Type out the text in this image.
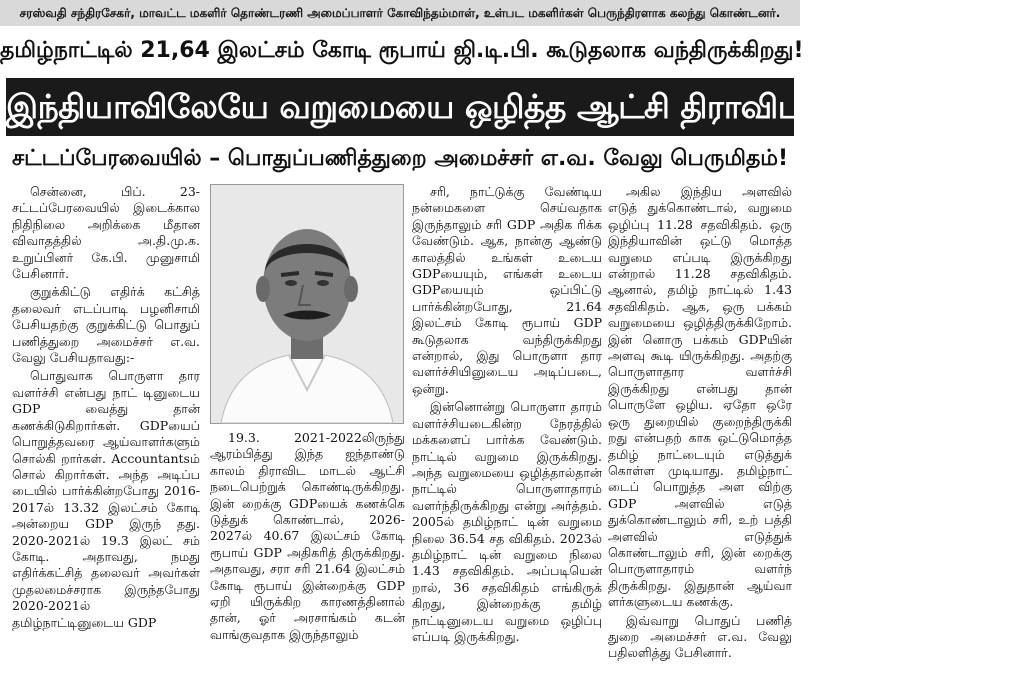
சரஸ்வதி சந்திரசேகர், மாவட்ட மகளிர் தொண்டரணி அமைப்பாளர் கோவிந்தம்மாள், உள்பட மகளிர்கள் பெருந்திரளாக கலந்து கொண்டனர்.
தமிழ்நாட்டில் 21,64 இலட்சம் கோடி ரூபாய் ஜி.டி.பி. கூடுதலாக வந்திருக்கிறது!
இந்தியாவிலேயே வறுமையை ஒழித்த ஆட்சி திராவிடமாடல் ஆட்சி!
சட்டப்பேரவையில் – பொதுப்பணித்துறை அமைச்சர் எ.வ. வேலு பெருமிதம்!

சென்னை, பிப். 23- சட்டப்பேரவையில் இடைக்கால நிதிநிலை அறிக்கை மீதான விவாதத்தில் அ.தி.மு.க. உறுப்பினர் கே.பி. முனுசாமி பேசினார்.

குறுக்கிட்டு எதிர்க் கட்சித் தலைவர் எடப்பாடி பழனிசாமி பேசியதற்கு குறுக்கிட்டு பொதுப் பணித்துறை அமைச்சர் எ.வ. வேலு பேசியதாவது:-

பொதுவாக பொருளா தார வளர்ச்சி என்பது நாட் டினுடைய GDP வைத்து தான் கணக்கிடுகிறார்கள். GDPயைப் பொறுத்தவரை ஆய்வாளர்களும் சொல்கி றார்கள். Accountantsம் சொல் கிறார்கள். அந்த அடிப்ப டையில் பார்க்கின்றபோது 2016-2017ல் 13.32 இலட்சம் கோடி அன்றைய GDP இருந் தது. 2020-2021ல் 19.3 இலட் சம் கோடி. அதாவது, நமது எதிர்க்கட்சித் தலைவர் அவர்கள் முதலமைச்சராக இருந்தபோது 2020-2021ல் தமிழ்நாட்டினுடைய GDP

19.3. 2021-2022லிருந்து ஆரம்பித்து இந்த ஐந்தாண்டு காலம் திராவிட மாடல் ஆட்சி நடைபெற்றுக் கொண்டிருக்கிறது. இன் றைக்கு GDPயைக் கணக்கெ டுத்துக் கொண்டால், 2026-2027ல் 40.67 இலட்சம் கோடி ரூபாய் GDP அதிகரித் திருக்கிறது. அதாவது, சரா சரி 21.64 இலட்சம் கோடி ரூபாய் இன்றைக்கு GDP ஏறி யிருக்கிற காரணத்தினால் தான், ஓர் அரசாங்கம் கடன் வாங்குவதாக இருந்தாலும்

சரி, நாட்டுக்கு வேண்டிய நன்மைகளை செய்வதாக இருந்தாலும் சரி GDP அதிக ரிக்க வேண்டும். ஆக, நான்கு ஆண்டு காலத்தில் உங்கள் உடைய GDPயையும், எங்கள் உடைய GDPயையும் ஒப்பிட்டு பார்க்கின்றபோது, 21.64 இலட்சம் கோடி ரூபாய் GDP கூடுதலாக வந்திருக்கிறது என்றால், இது பொருளா தார வளர்ச்சியினுடைய அடிப்படை, ஒன்று.

இன்னொன்று பொருளா தாரம் வளர்ச்சியடைகின்ற நேரத்தில் மக்களைப் பார்க்க வேண்டும். நாட்டில் வறுமை இருக்கிறது. அந்த வறுமையை ஒழித்தால்தான் நாட்டில் பொருளாதாரம் வளர்ந்திருக்கிறது என்று அர்த்தம். 2005ல் தமிழ்நாட் டின் வறுமை நிலை 36.54 சத விகிதம். 2023ல் தமிழ்நாட் டின் வறுமை நிலை 1.43 சதவிகிதம். அப்படியென் றால், 36 சதவிகிதம் எங்கிருக் கிறது, இன்றைக்கு தமிழ் நாட்டினுடைய வறுமை ஒழிப்பு எப்படி இருக்கிறது.

அகில இந்திய அளவில் எடுத் துக்கொண்டால், வறுமை ஒழிப்பு 11.28 சதவிகிதம். ஒரு இந்தியாவின் ஒட்டு மொத்த வறுமை எப்படி இருக்கிறது என்றால் 11.28 சதவிகிதம். ஆனால், தமிழ் நாட்டில் 1.43 சதவிகிதம். ஆக, ஒரு பக்கம் வறுமையை ஒழித்திருக்கிறோம். இன் னொரு பக்கம் GDPயின் அளவு கூடி யிருக்கிறது. அதற்கு பொருளாதார வளர்ச்சி இருக்கிறது என்பது தான் பொருளே ஒழிய. ஏதோ ஒரே ஒரு துறையில் குறைந்திருக்கி றது என்பதற் காக ஒட்டுமொத்த தமிழ் நாட்டையும் எடுத்துக் கொள்ள முடியாது. தமிழ்நாட் டைப் பொறுத்த அள விற்கு GDP அளவில் எடுத் துக்கொண்டாலும் சரி, உற் பத்தி அளவில் எடுத்துக் கொண்டாலும் சரி, இன் றைக்கு பொருளாதாரம் வளர்ந் திருக்கிறது. இதுதான் ஆய்வா ளர்களுடைய கணக்கு.

இவ்வாறு பொதுப் பணித் துறை அமைச்சர் எ.வ. வேலு பதிலளித்து பேசினார்.
